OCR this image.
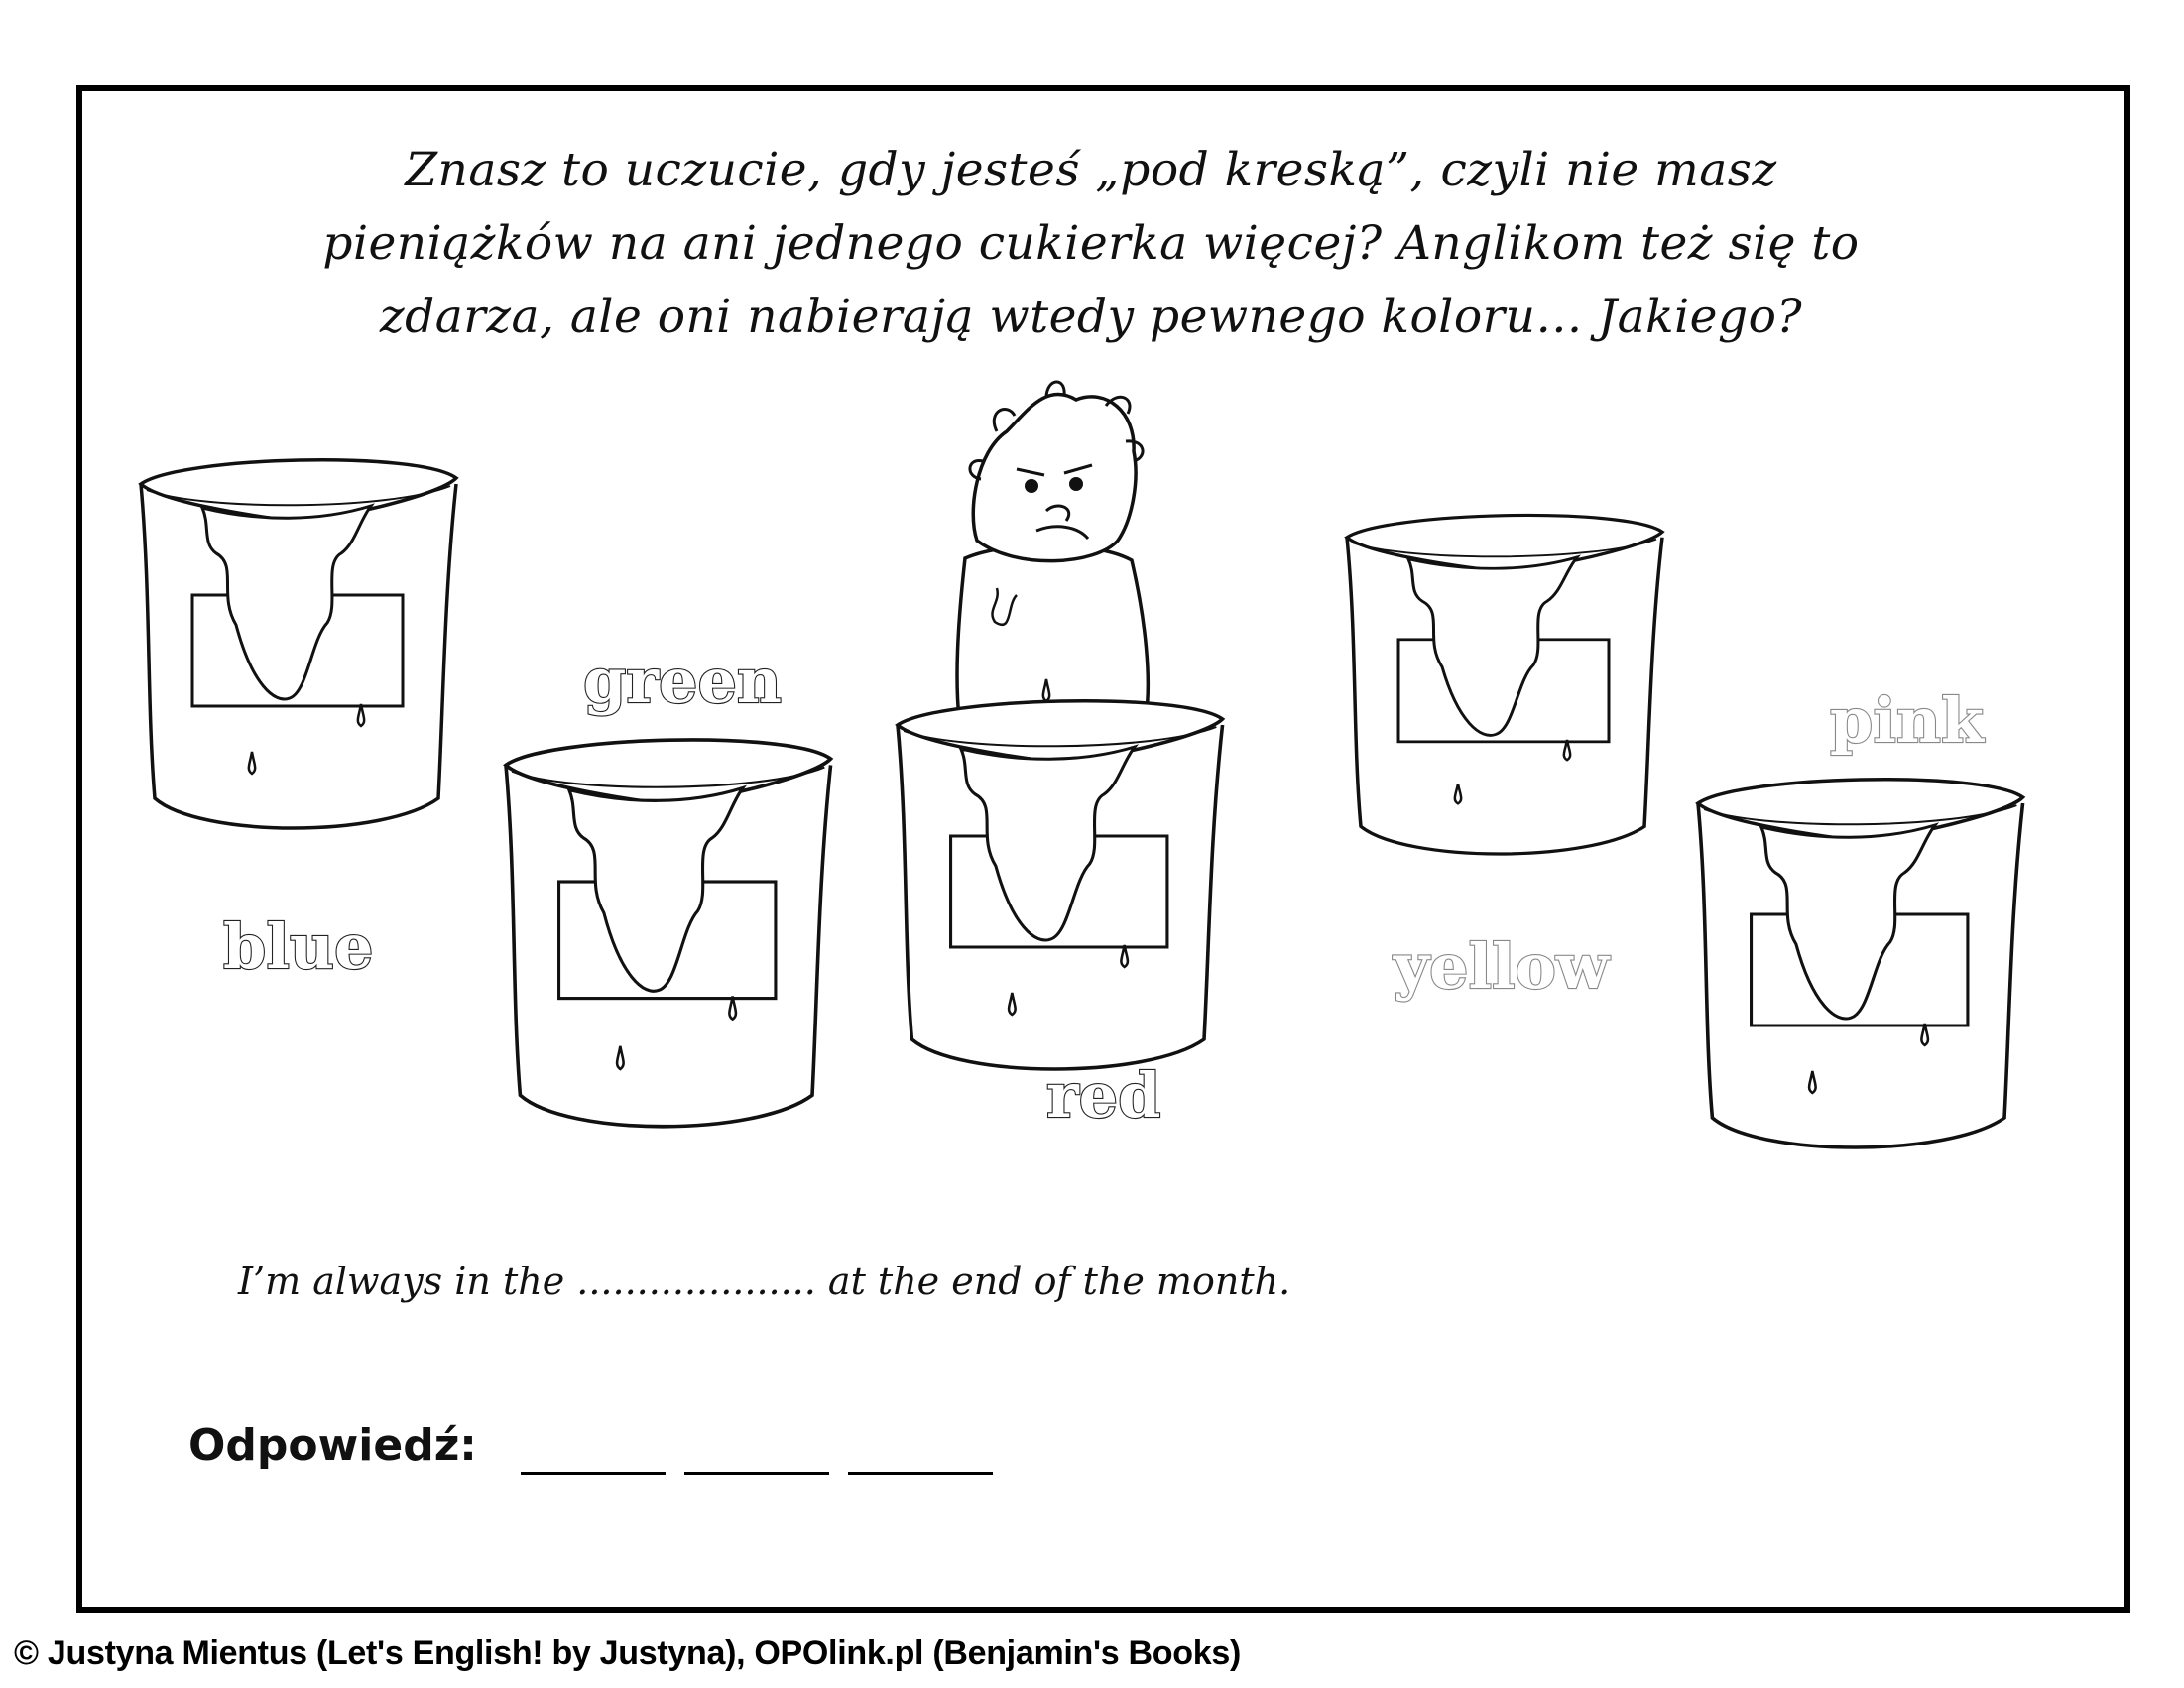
Znasz to uczucie, gdy jesteś „pod kreską”, czyli nie masz
pieniążków na ani jednego cukierka więcej? Anglikom też się to
zdarza, ale oni nabierają wtedy pewnego koloru… Jakiego?
blue
green
red
yellow
pink
I’m always in the .................... at the end of the month.
Odpowiedź:
© Justyna Mientus (Let's English! by Justyna), OPOlink.pl (Benjamin's Books)
